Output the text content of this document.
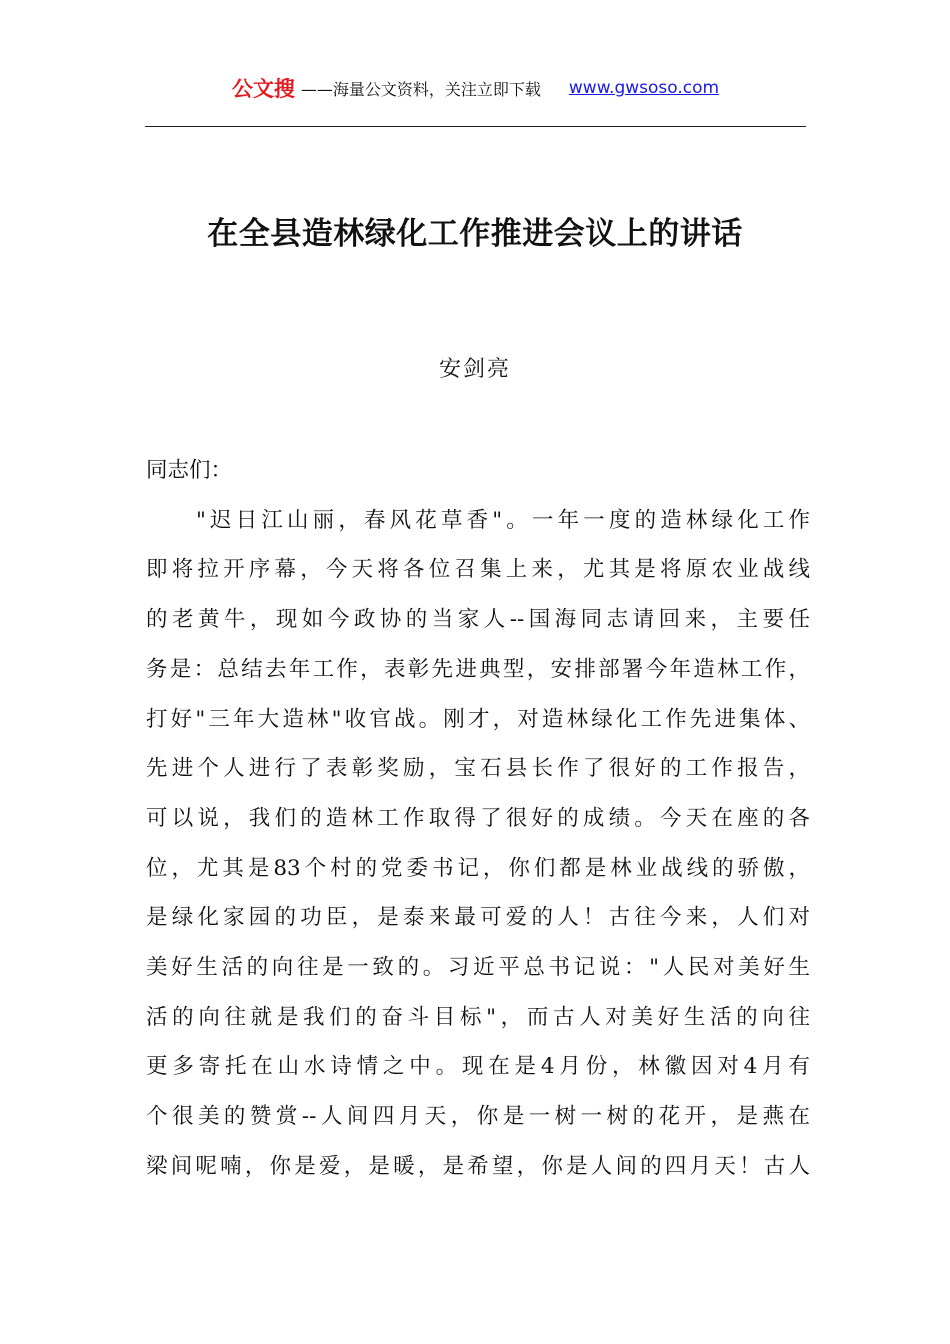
公文搜 ——海量公文资料，关注立即下载 www.gwsoso.com
在全县造林绿化工作推进会议上的讲话
安剑亮
同志们：
"迟日江山丽，春风花草香"。一年一度的造林绿化工作
即将拉开序幕，今天将各位召集上来，尤其是将原农业战线
的老黄牛，现如今政协的当家人--国海同志请回来，主要任
务是：总结去年工作，表彰先进典型，安排部署今年造林工作，
打好"三年大造林"收官战。刚才，对造林绿化工作先进集体、
先进个人进行了表彰奖励，宝石县长作了很好的工作报告，
可以说，我们的造林工作取得了很好的成绩。今天在座的各
位，尤其是83个村的党委书记，你们都是林业战线的骄傲，
是绿化家园的功臣，是泰来最可爱的人！古往今来，人们对
美好生活的向往是一致的。习近平总书记说："人民对美好生
活的向往就是我们的奋斗目标"，而古人对美好生活的向往
更多寄托在山水诗情之中。现在是4月份，林徽因对4月有
个很美的赞赏--人间四月天，你是一树一树的花开，是燕在
梁间呢喃，你是爱，是暖，是希望，你是人间的四月天！古人
